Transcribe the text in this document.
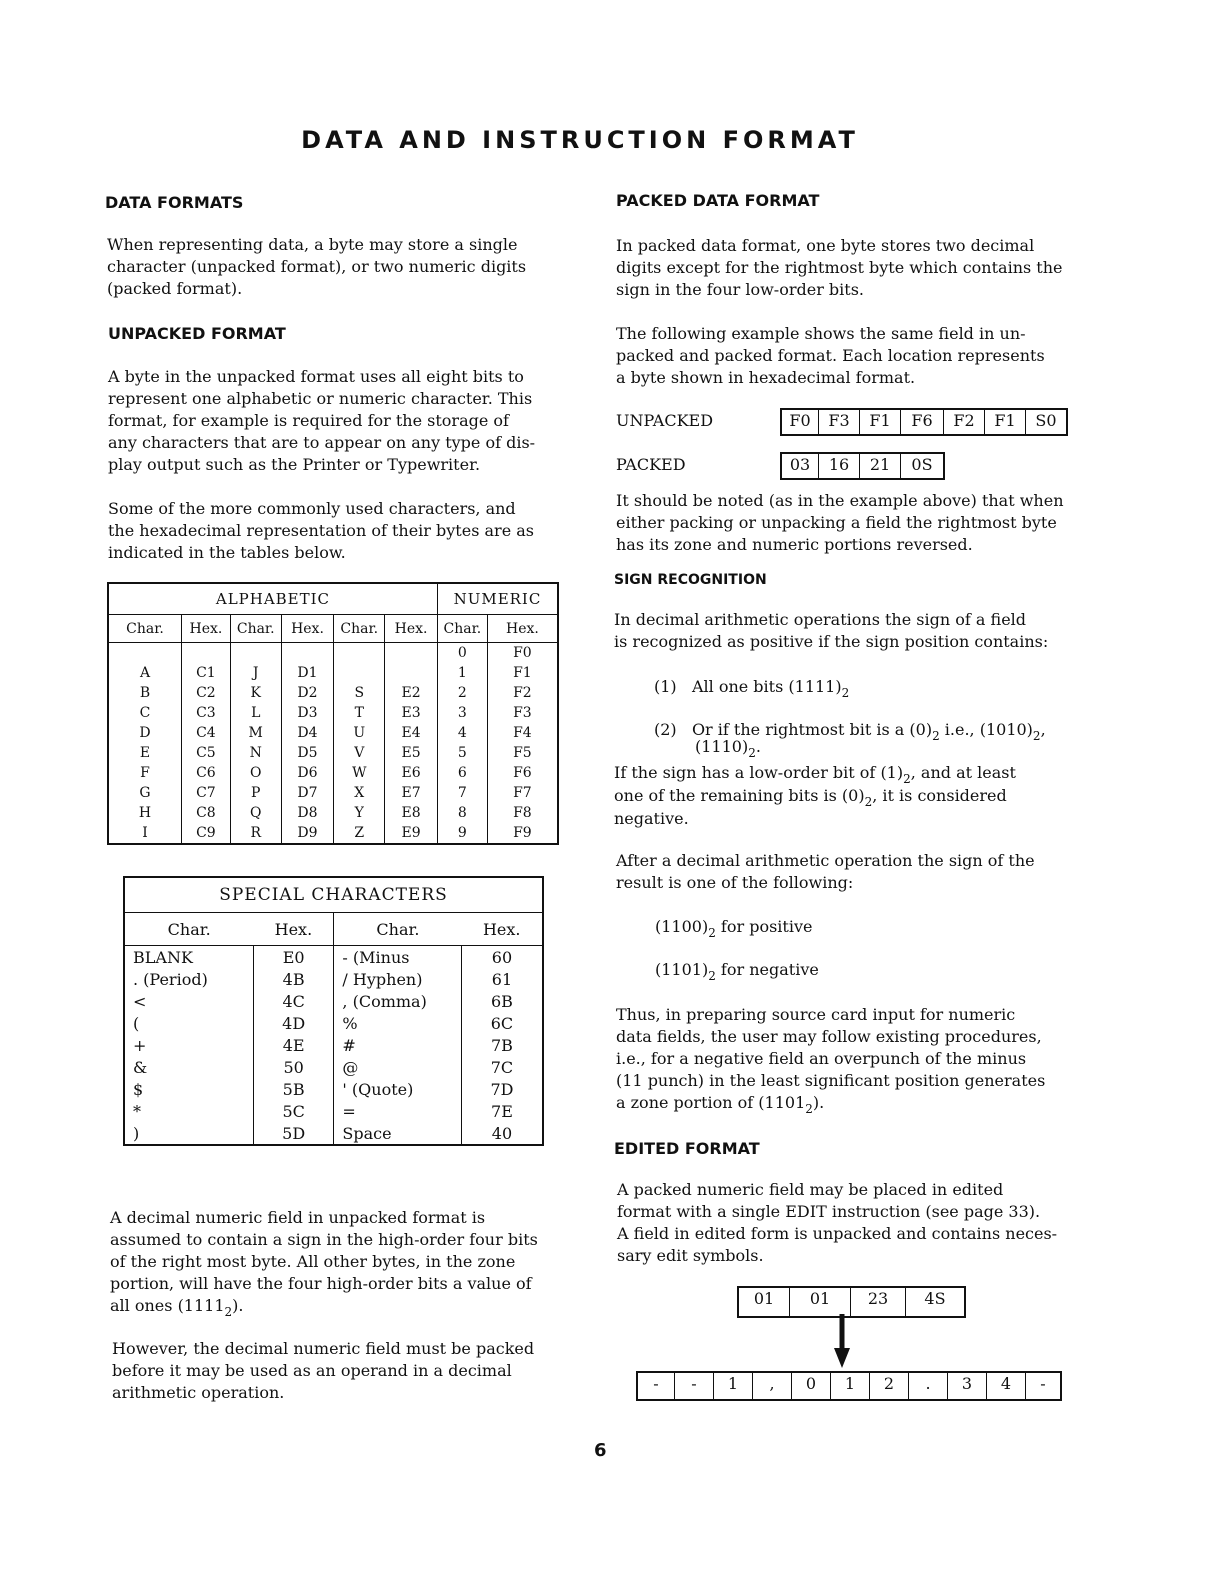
DATA AND INSTRUCTION FORMAT
DATA FORMATS
When representing data, a byte may store a single
character (unpacked format), or two numeric digits
(packed format).
UNPACKED FORMAT
A byte in the unpacked format uses all eight bits to
represent one alphabetic or numeric character. This
format, for example is required for the storage of
any characters that are to appear on any type of dis-
play output such as the Printer or Typewriter.
Some of the more commonly used characters, and
the hexadecimal representation of their bytes are as
indicated in the tables below.
ALPHABETIC						NUMERIC	
Char.	Hex.	Char.	Hex.	Char.	Hex.	Char.	Hex.
						0	F0
A	C1	J	D1			1	F1
B	C2	K	D2	S	E2	2	F2
C	C3	L	D3	T	E3	3	F3
D	C4	M	D4	U	E4	4	F4
E	C5	N	D5	V	E5	5	F5
F	C6	O	D6	W	E6	6	F6
G	C7	P	D7	X	E7	7	F7
H	C8	Q	D8	Y	E8	8	F8
I	C9	R	D9	Z	E9	9	F9
SPECIAL CHARACTERS			
Char.	Hex.	Char.	Hex.
BLANK	E0	- (Minus	60
. (Period)	4B	/ Hyphen)	61
<	4C	, (Comma)	6B
(	4D	%	6C
+	4E	#	7B
&	50	@	7C
$	5B	' (Quote)	7D
*	5C	=	7E
)	5D	Space	40
A decimal numeric field in unpacked format is
assumed to contain a sign in the high-order four bits
of the right most byte. All other bytes, in the zone
portion, will have the four high-order bits a value of
all ones $(1111_2)$.
However, the decimal numeric field must be packed
before it may be used as an operand in a decimal
arithmetic operation.
PACKED DATA FORMAT
In packed data format, one byte stores two decimal
digits except for the rightmost byte which contains the
sign in the four low-order bits.
The following example shows the same field in un-
packed and packed format. Each location represents
a byte shown in hexadecimal format.
UNPACKED	F0	F3	F1	F6	F2	F1	S0
PACKED	03	16	21	0S
It should be noted (as in the example above) that when
either packing or unpacking a field the rightmost byte
has its zone and numeric portions reversed.
SIGN RECOGNITION
In decimal arithmetic operations the sign of a field
is recognized as positive if the sign position contains:
(1) All one bits $(1111)_2$
(2) Or if the rightmost bit is a $(0)_2$ i.e., $(1010)_2$,
$(1110)_2$.
If the sign has a low-order bit of $(1)_2$, and at least
one of the remaining bits is $(0)_2$, it is considered
negative.
After a decimal arithmetic operation the sign of the
result is one of the following:
$(1100)_2$ for positive
$(1101)_2$ for negative
Thus, in preparing source card input for numeric
data fields, the user may follow existing procedures,
i.e., for a negative field an overpunch of the minus
(11 punch) in the least significant position generates
a zone portion of $(1101_2)$.
EDITED FORMAT
A packed numeric field may be placed in edited
format with a single EDIT instruction (see page 33).
A field in edited form is unpacked and contains neces-
sary edit symbols.
01	01	23	4S
-	-	1	,	0	1	2	.	3	4	-
6
